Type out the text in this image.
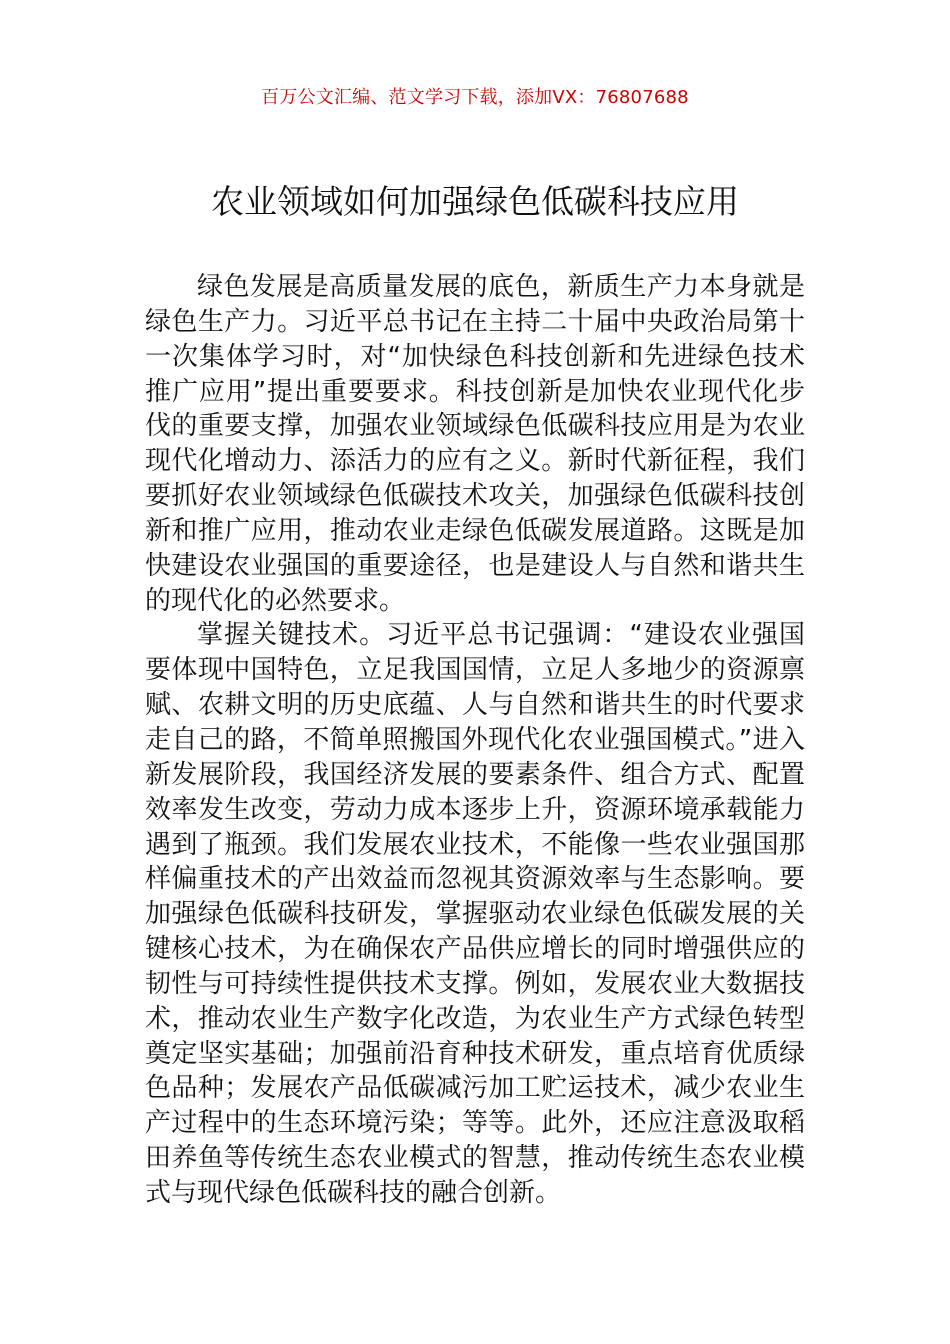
百万公文汇编、范文学习下载，添加VX：76807688
农业领域如何加强绿色低碳科技应用

绿色发展是高质量发展的底色，新质生产力本身就是绿色生产力。习近平总书记在主持二十届中央政治局第十一次集体学习时，对“加快绿色科技创新和先进绿色技术推广应用”提出重要要求。科技创新是加快农业现代化步伐的重要支撑，加强农业领域绿色低碳科技应用是为农业现代化增动力、添活力的应有之义。新时代新征程，我们要抓好农业领域绿色低碳技术攻关，加强绿色低碳科技创新和推广应用，推动农业走绿色低碳发展道路。这既是加快建设农业强国的重要途径，也是建设人与自然和谐共生的现代化的必然要求。

掌握关键技术。习近平总书记强调：“建设农业强国要体现中国特色，立足我国国情，立足人多地少的资源禀赋、农耕文明的历史底蕴、人与自然和谐共生的时代要求走自己的路，不简单照搬国外现代化农业强国模式。”进入新发展阶段，我国经济发展的要素条件、组合方式、配置效率发生改变，劳动力成本逐步上升，资源环境承载能力遇到了瓶颈。我们发展农业技术，不能像一些农业强国那样偏重技术的产出效益而忽视其资源效率与生态影响。要加强绿色低碳科技研发，掌握驱动农业绿色低碳发展的关键核心技术，为在确保农产品供应增长的同时增强供应的韧性与可持续性提供技术支撑。例如，发展农业大数据技术，推动农业生产数字化改造，为农业生产方式绿色转型奠定坚实基础；加强前沿育种技术研发，重点培育优质绿色品种；发展农产品低碳减污加工贮运技术，减少农业生产过程中的生态环境污染；等等。此外，还应注意汲取稻田养鱼等传统生态农业模式的智慧，推动传统生态农业模式与现代绿色低碳科技的融合创新。
